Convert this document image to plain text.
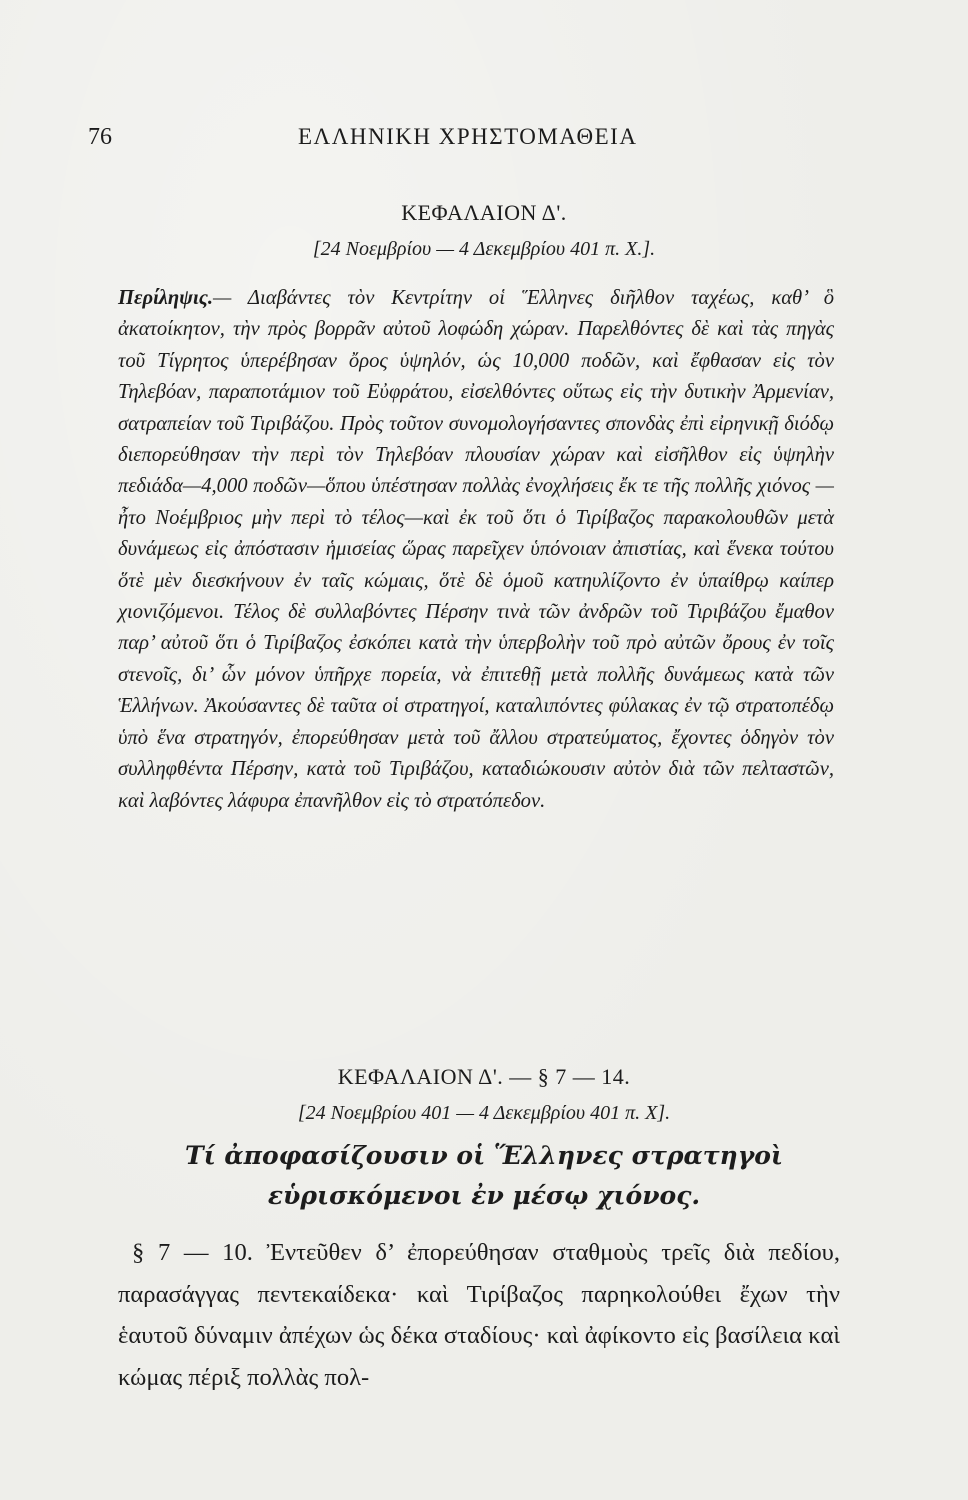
76	ΕΛΛΗΝΙΚΗ ΧΡΗΣΤΟΜΑΘΕΙΑ
ΚΕΦΑΛΑΙΟΝ Δ'.
[24 Νοεμβρίου — 4 Δεκεμβρίου 401 π. Χ.].
Περίληψις.— Διαβάντες τὸν Κεντρίτην οἱ Ἕλληνες διῆλθον ταχέως, καθ’ ὃ ἀκατοίκητον, τὴν πρὸς βορρᾶν αὐτοῦ λοφώδη χώραν. Παρελθόντες δὲ καὶ τὰς πηγὰς τοῦ Τίγρητος ὑπερέβησαν ὄρος ὑψηλόν, ὡς 10,000 ποδῶν, καὶ ἔφθασαν εἰς τὸν Τηλεβόαν, παραποτάμιον τοῦ Εὐφράτου, εἰσελθόντες οὕτως εἰς τὴν δυτικὴν Ἀρμενίαν, σατραπείαν τοῦ Τιριβάζου. Πρὸς τοῦτον συνομολογήσαντες σπονδὰς ἐπὶ εἰρηνικῇ διόδῳ διεπορεύθησαν τὴν περὶ τὸν Τηλεβόαν πλουσίαν χώραν καὶ εἰσῆλθον εἰς ὑψηλὴν πεδιάδα—4,000 ποδῶν—ὅπου ὑπέστησαν πολλὰς ἐνοχλήσεις ἔκ τε τῆς πολλῆς χιόνος — ἦτο Νοέμβριος μὴν περὶ τὸ τέλος—καὶ ἐκ τοῦ ὅτι ὁ Τιρίβαζος παρακολουθῶν μετὰ δυνάμεως εἰς ἀπόστασιν ἡμισείας ὥρας παρεῖχεν ὑπόνοιαν ἀπιστίας, καὶ ἕνεκα τούτου ὅτὲ μὲν διεσκήνουν ἐν ταῖς κώμαις, ὅτὲ δὲ ὁμοῦ κατηυλίζοντο ἐν ὑπαίθρῳ καίπερ χιονιζόμενοι. Τέλος δὲ συλλαβόντες Πέρσην τινὰ τῶν ἀνδρῶν τοῦ Τιριβάζου ἔμαθον παρ’ αὐτοῦ ὅτι ὁ Τιρίβαζος ἐσκόπει κατὰ τὴν ὑπερβολὴν τοῦ πρὸ αὐτῶν ὄρους ἐν τοῖς στενοῖς, δι’ ὧν μόνον ὑπῆρχε πορεία, νὰ ἐπιτεθῇ μετὰ πολλῆς δυνάμεως κατὰ τῶν Ἑλλήνων. Ἀκούσαντες δὲ ταῦτα οἱ στρατηγοί, καταλιπόντες φύλακας ἐν τῷ στρατοπέδῳ ὑπὸ ἕνα στρατηγόν, ἐπορεύθησαν μετὰ τοῦ ἄλλου στρατεύματος, ἔχοντες ὁδηγὸν τὸν συλληφθέντα Πέρσην, κατὰ τοῦ Τιριβάζου, καταδιώκουσιν αὐτὸν διὰ τῶν πελταστῶν, καὶ λαβόντες λάφυρα ἐπανῆλθον εἰς τὸ στρατόπεδον.
ΚΕΦΑΛΑΙΟΝ Δ'. — § 7 — 14.
[24 Νοεμβρίου 401 — 4 Δεκεμβρίου 401 π. Χ].
Τί ἀποφασίζουσιν οἱ Ἕλληνες στρατηγοὶ
εὑρισκόμενοι ἐν μέσῳ χιόνος.
§ 7 — 10. Ἐντεῦθεν δ’ ἐπορεύθησαν σταθμοὺς τρεῖς διὰ πεδίου, παρασάγγας πεντεκαίδεκα· καὶ Τιρίβαζος παρηκολούθει ἔχων τὴν ἑαυτοῦ δύναμιν ἀπέχων ὡς δέκα σταδίους· καὶ ἀφίκοντο εἰς βασίλεια καὶ κώμας πέριξ πολλὰς πολ-
